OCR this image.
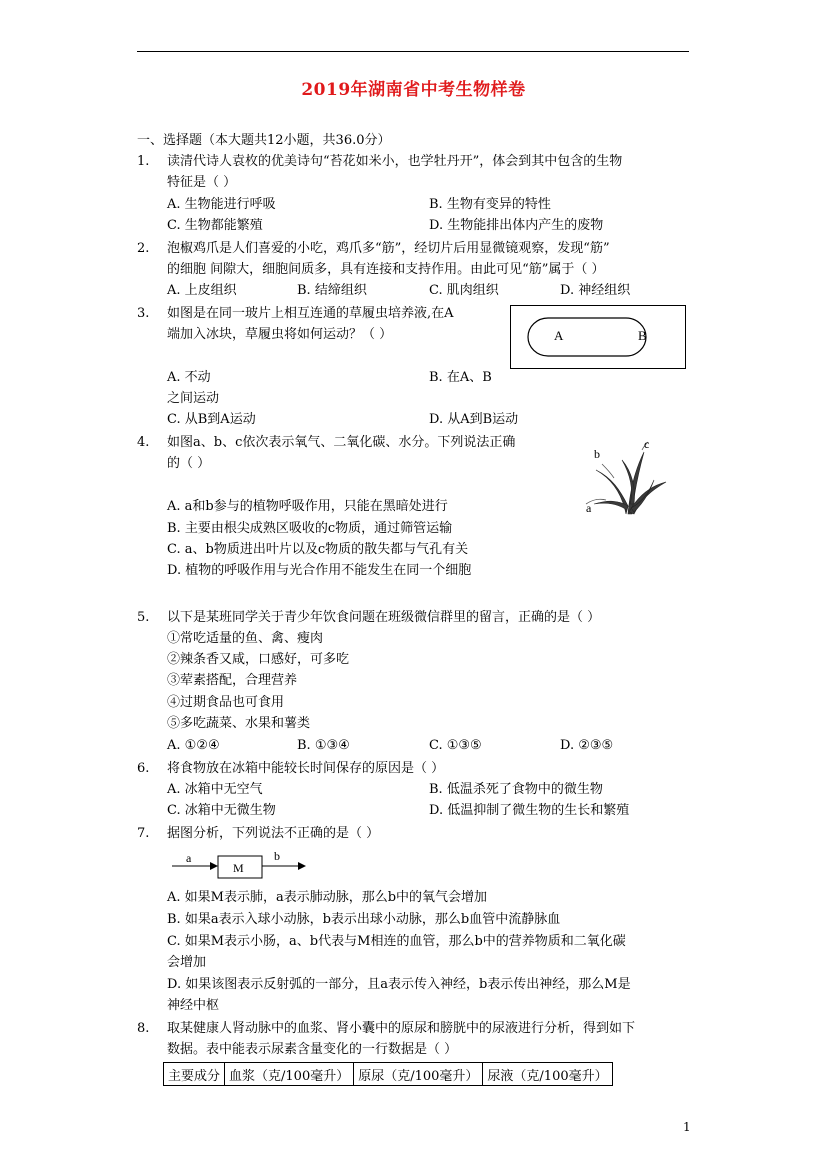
2019年湖南省中考生物样卷
一、选择题（本大题共12小题，共36.0分）
1. 读清代诗人袁枚的优美诗句“苔花如米小，也学牡丹开”，体会到其中包含的生物
特征是（ ）
A. 生物能进行呼吸	B. 生物有变异的特性
C. 生物都能繁殖	D. 生物能排出体内产生的废物
2. 泡椒鸡爪是人们喜爱的小吃，鸡爪多“筋”，经切片后用显微镜观察，发现“筋”
的细胞 间隙大，细胞间质多，具有连接和支持作用。由此可见“筋”属于（ ）
A. 上皮组织	B. 结缔组织	C. 肌肉组织	D. 神经组织
3. 如图是在同一玻片上相互连通的草履虫培养液,在A
端加入冰块，草履虫将如何运动？（ ）	A	B
A. 不动	B. 在A、B
之间运动
C. 从B到A运动	D. 从A到B运动
4. 如图a、b、c依次表示氧气、二氧化碳、水分。下列说法正确
的（ ）
a
b
c
A. a和b参与的植物呼吸作用，只能在黑暗处进行
B. 主要由根尖成熟区吸收的c物质，通过筛管运输
C. a、b物质进出叶片以及c物质的散失都与气孔有关
D. 植物的呼吸作用与光合作用不能发生在同一个细胞
5. 以下是某班同学关于青少年饮食问题在班级微信群里的留言，正确的是（ ）
①常吃适量的鱼、禽、瘦肉
②辣条香又咸，口感好，可多吃
③荤素搭配，合理营养
④过期食品也可食用
⑤多吃蔬菜、水果和薯类
A. ①②④	B. ①③④	C. ①③⑤	D. ②③⑤
6. 将食物放在冰箱中能较长时间保存的原因是（ ）
A. 冰箱中无空气	B. 低温杀死了食物中的微生物
C. 冰箱中无微生物	D. 低温抑制了微生物的生长和繁殖
7. 据图分析，下列说法不正确的是（ ）
a
M
b
A. 如果M表示肺，a表示肺动脉，那么b中的氧气会增加
B. 如果a表示入球小动脉，b表示出球小动脉，那么b血管中流静脉血
C. 如果M表示小肠，a、b代表与M相连的血管，那么b中的营养物质和二氧化碳
会增加
D. 如果该图表示反射弧的一部分，且a表示传入神经，b表示传出神经，那么M是
神经中枢
8. 取某健康人肾动脉中的血浆、肾小囊中的原尿和膀胱中的尿液进行分析，得到如下
数据。表中能表示尿素含量变化的一行数据是（ ）
主要成分	血浆（克/100毫升）	原尿（克/100毫升）	尿液（克/100毫升）
1
